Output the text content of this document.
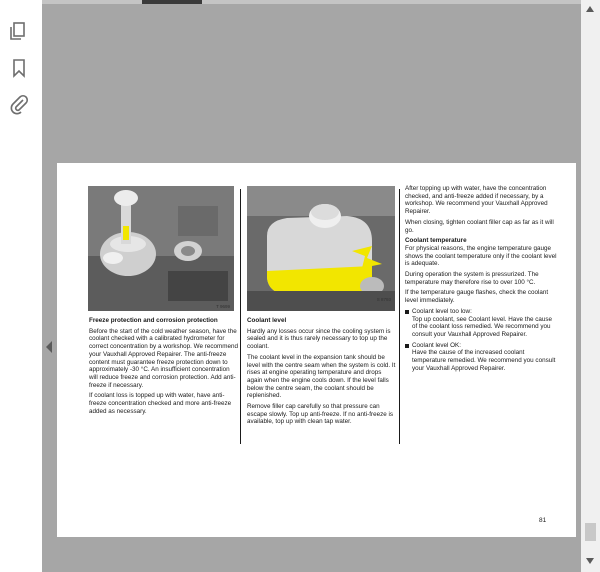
T 9699

Freeze protection and corrosion protection

Before the start of the cold weather season, have the coolant checked with a calibrated hydrometer for correct concentration by a workshop. We recommend your Vauxhall Approved Repairer. The anti-freeze content must guarantee freeze protection down to approximately -30 °C. An insufficient concentration will reduce freeze and corrosion protection. Add anti-freeze if necessary.

If coolant loss is topped up with water, have anti-freeze concentration checked and more anti-freeze added as necessary.

S 8793

Coolant level

Hardly any losses occur since the cooling system is sealed and it is thus rarely necessary to top up the coolant.

The coolant level in the expansion tank should be level with the centre seam when the system is cold. It rises at engine operating temperature and drops again when the engine cools down. If the level falls below the centre seam, the coolant should be replenished.

Remove filler cap carefully so that pressure can escape slowly. Top up anti-freeze. If no anti-freeze is available, top up with clean tap water.

After topping up with water, have the concentration checked, and anti-freeze added if necessary, by a workshop. We recommend your Vauxhall Approved Repairer.

When closing, tighten coolant filler cap as far as it will go.

Coolant temperature

For physical reasons, the engine temperature gauge shows the coolant temperature only if the coolant level is adequate.

During operation the system is pressurized. The temperature may therefore rise to over 100 °C.

If the temperature gauge flashes, check the coolant level immediately.

Coolant level too low:
Top up coolant, see Coolant level. Have the cause of the coolant loss remedied. We recommend you consult your Vauxhall Approved Repairer.
Coolant level OK:
Have the cause of the increased coolant temperature remedied. We recommend you consult your Vauxhall Approved Repairer.
81
